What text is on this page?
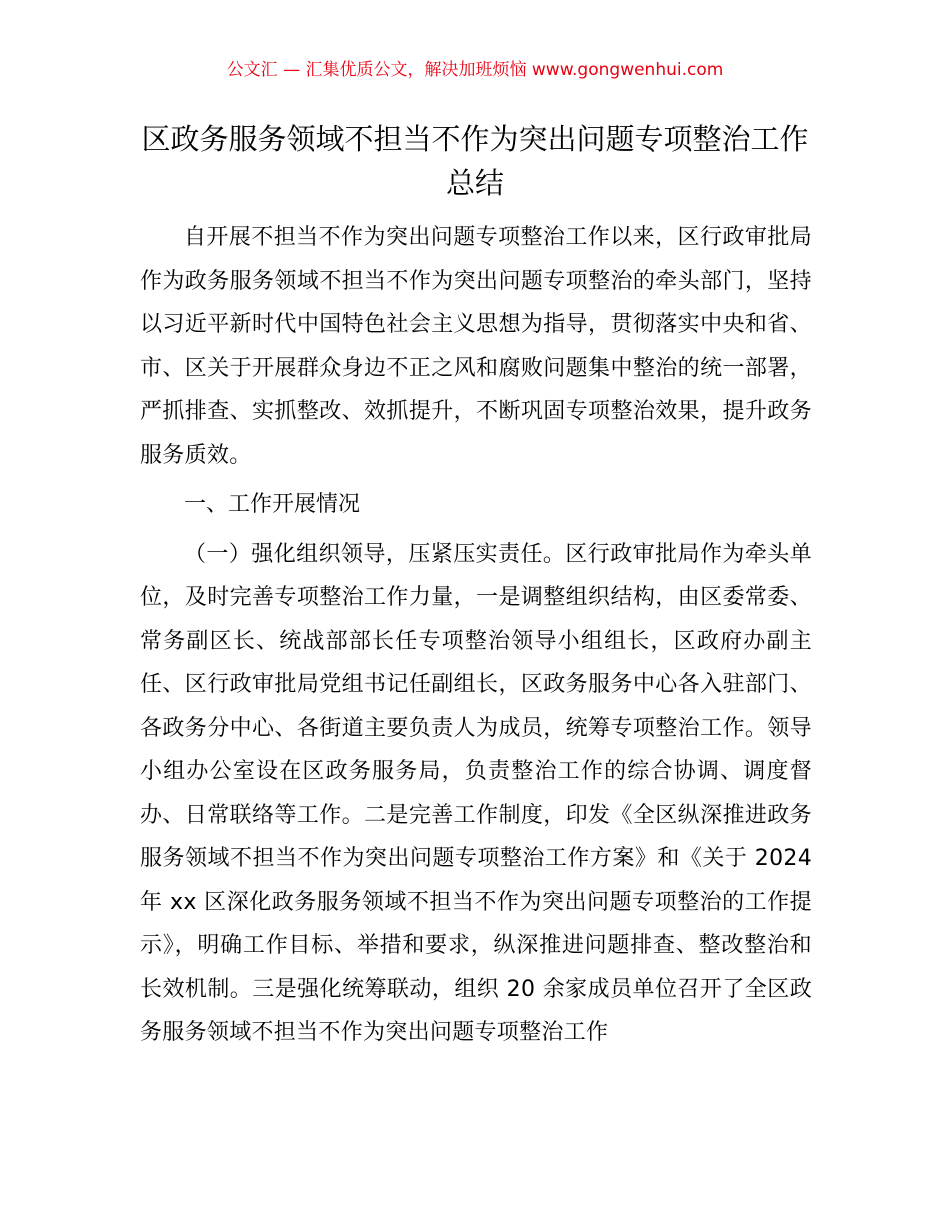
公文汇 — 汇集优质公文，解决加班烦恼 www.gongwenhui.com
区政务服务领域不担当不作为突出问题专项整治工作总结

自开展不担当不作为突出问题专项整治工作以来，区行政审批局作为政务服务领域不担当不作为突出问题专项整治的牵头部门，坚持以习近平新时代中国特色社会主义思想为指导，贯彻落实中央和省、市、区关于开展群众身边不正之风和腐败问题集中整治的统一部署，严抓排查、实抓整改、效抓提升，不断巩固专项整治效果，提升政务服务质效。

一、工作开展情况

（一）强化组织领导，压紧压实责任。区行政审批局作为牵头单位，及时完善专项整治工作力量，一是调整组织结构，由区委常委、常务副区长、统战部部长任专项整治领导小组组长，区政府办副主任、区行政审批局党组书记任副组长，区政务服务中心各入驻部门、各政务分中心、各街道主要负责人为成员，统筹专项整治工作。领导小组办公室设在区政务服务局，负责整治工作的综合协调、调度督办、日常联络等工作。二是完善工作制度，印发《全区纵深推进政务服务领域不担当不作为突出问题专项整治工作方案》和《关于 2024 年 xx 区深化政务服务领域不担当不作为突出问题专项整治的工作提示》，明确工作目标、举措和要求，纵深推进问题排查、整改整治和长效机制。三是强化统筹联动，组织 20 余家成员单位召开了全区政务服务领域不担当不作为突出问题专项整治工作
